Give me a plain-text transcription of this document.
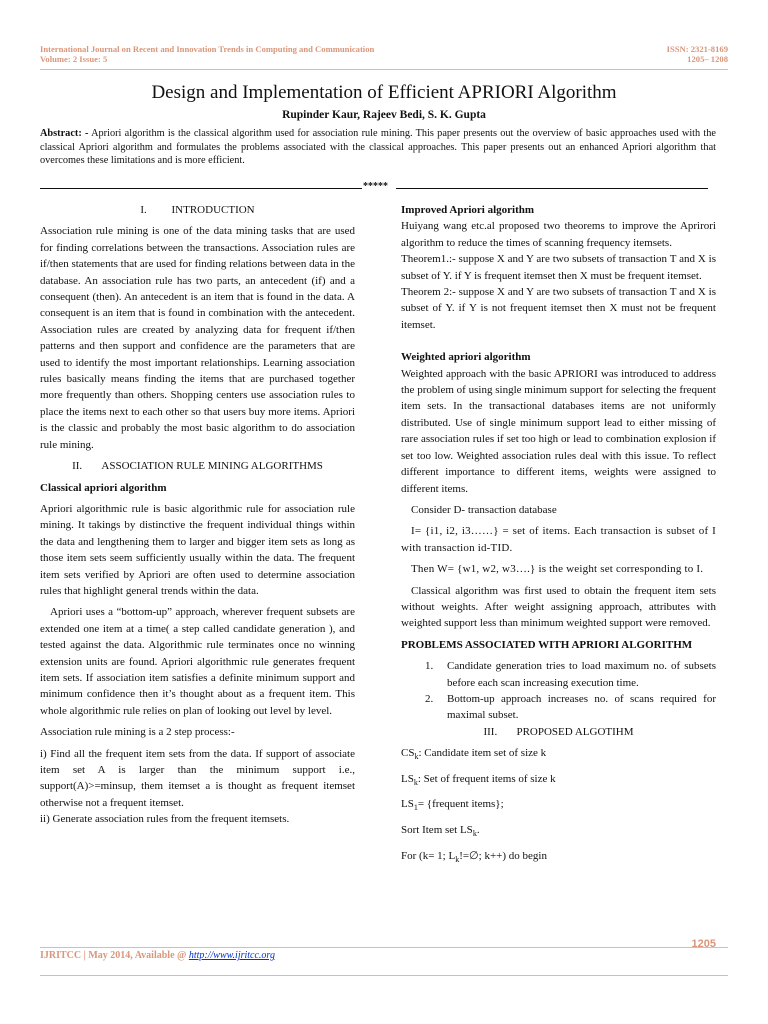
International Journal on Recent and Innovation Trends in Computing and Communication
Volume: 2 Issue: 5
ISSN: 2321-8169
1205– 1208
Design and Implementation of Efficient APRIORI Algorithm
Rupinder Kaur, Rajeev Bedi, S. K. Gupta
Abstract: - Apriori algorithm is the classical algorithm used for association rule mining. This paper presents out the overview of basic approaches used with the classical Apriori algorithm and formulates the problems associated with the classical approaches. This paper presents out an enhanced Apriori algorithm that overcomes these limitations and is more efficient.
*****

I.         INTRODUCTION

Association rule mining is one of the data mining tasks that are used for finding correlations between the transactions. Association rules are if/then statements that are used for finding relations between data in the database. An association rule has two parts, an antecedent (if) and a consequent (then). An antecedent is an item that is found in the data. A consequent is an item that is found in combination with the antecedent. Association rules are created by analyzing data for frequent if/then patterns and then support and confidence are the parameters that are used to identify the most important relationships. Learning association rules basically means finding the items that are purchased together more frequently than others. Shopping centers use association rules to place the items next to each other so that users buy more items. Apriori is the classic and probably the most basic algorithm to do association rule mining.

II.       ASSOCIATION RULE MINING ALGORITHMS

Classical apriori algorithm

Apriori algorithmic rule is basic algorithmic rule for association rule mining. It takings by distinctive the frequent individual things within the data and lengthening them to larger and bigger item sets as long as those item sets seem sufficiently usually within the data. The frequent item sets verified by Apriori are often used to determine association rules that highlight general trends within the data.

Apriori uses a “bottom-up” approach, wherever frequent subsets are extended one item at a time( a step called candidate generation ), and tested against the data. Algorithmic rule terminates once no winning extension units are found. Apriori algorithmic rule generates frequent item sets. If association item satisfies a definite minimum support and minimum confidence then it’s thought about as a frequent item. This whole algorithmic rule relies on plan of looking out level by level.

Association rule mining is a 2 step process:-

i) Find all the frequent item sets from the data. If support of associate item set A is larger than the minimum support i.e., support(A)>=minsup, them itemset a is thought as frequent itemset otherwise not a frequent itemset.

ii) Generate association rules from the frequent itemsets.

Improved Apriori algorithm

Huiyang wang etc.al proposed two theorems to improve the Aprirori algorithm to reduce the times of scanning frequency itemsets.

Theorem1.:- suppose X and Y are two subsets of transaction T and X is subset of Y. if Y is frequent itemset then X must be frequent itemset.

Theorem 2:- suppose X and Y are two subsets of transaction T and X is subset of Y. if Y is not frequent itemset then X must not be frequent itemset.

Weighted apriori algorithm

Weighted approach with the basic APRIORI was introduced to address the problem of using single minimum support for selecting the frequent item sets. In the transactional databases items are not uniformly distributed. Use of single minimum support lead to either missing of rare association rules if set too high or lead to combination explosion if set too low. Weighted association rules deal with this issue. To reflect different importance to different items, weights were assigned to different items.

Consider D- transaction database

I= {i1, i2, i3……} = set of items. Each transaction is subset of I with transaction id-TID.

Then W= {w1, w2, w3….} is the weight set corresponding to I.

Classical algorithm was first used to obtain the frequent item sets without weights. After weight assigning approach, attributes with weighted support less than minimum weighted support were removed.

PROBLEMS ASSOCIATED WITH APRIORI ALGORITHM

1. Candidate generation tries to load maximum no. of subsets before each scan increasing execution time.
2. Bottom-up approach increases no. of scans required for maximal subset.

III.       PROPOSED ALGOTIHM

$CS_k$: Candidate item set of size k

$LS_k$: Set of frequent items of size k

$LS_1=$ {frequent items};

Sort Item set $LS_k$.

For (k= 1; $L_k!=\emptyset$; k++) do begin

1205
IJRITCC | May 2014, Available @ http://www.ijritcc.org
